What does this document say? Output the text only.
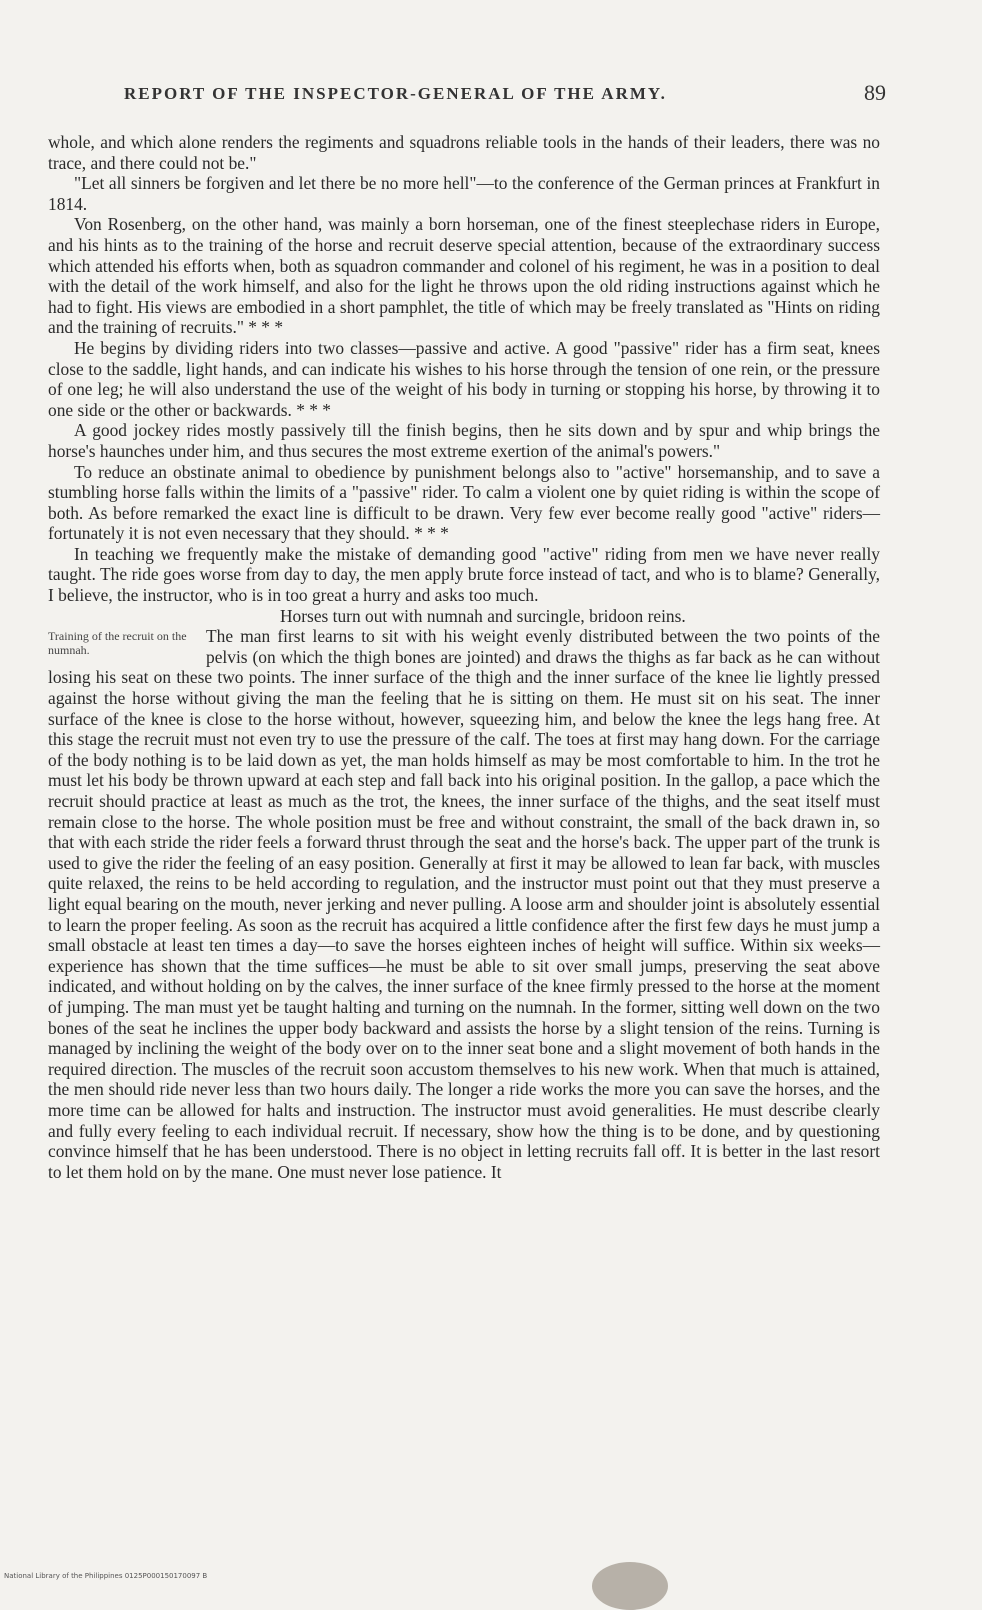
REPORT OF THE INSPECTOR-GENERAL OF THE ARMY.	89

whole, and which alone renders the regiments and squadrons reliable tools in the hands of their leaders, there was no trace, and there could not be."

"Let all sinners be forgiven and let there be no more hell"—to the conference of the German princes at Frankfurt in 1814.

Von Rosenberg, on the other hand, was mainly a born horseman, one of the finest steeplechase riders in Europe, and his hints as to the training of the horse and recruit deserve special attention, because of the extraordinary success which attended his efforts when, both as squadron commander and colonel of his regiment, he was in a position to deal with the detail of the work himself, and also for the light he throws upon the old riding instructions against which he had to fight. His views are embodied in a short pamphlet, the title of which may be freely translated as "Hints on riding and the training of recruits." * * *

He begins by dividing riders into two classes—passive and active. A good "passive" rider has a firm seat, knees close to the saddle, light hands, and can indicate his wishes to his horse through the tension of one rein, or the pressure of one leg; he will also understand the use of the weight of his body in turning or stopping his horse, by throwing it to one side or the other or backwards. * * *

A good jockey rides mostly passively till the finish begins, then he sits down and by spur and whip brings the horse's haunches under him, and thus secures the most extreme exertion of the animal's powers."

To reduce an obstinate animal to obedience by punishment belongs also to "active" horsemanship, and to save a stumbling horse falls within the limits of a "passive" rider. To calm a violent one by quiet riding is within the scope of both. As before remarked the exact line is difficult to be drawn. Very few ever become really good "active" riders—fortunately it is not even necessary that they should. * * *

In teaching we frequently make the mistake of demanding good "active" riding from men we have never really taught. The ride goes worse from day to day, the men apply brute force instead of tact, and who is to blame? Generally, I believe, the instructor, who is in too great a hurry and asks too much.

Horses turn out with numnah and surcingle, bridoon reins.

Training of the recruit on the numnah.

The man first learns to sit with his weight evenly distributed between the two points of the pelvis (on which the thigh bones are jointed) and draws the thighs as far back as he can without losing his seat on these two points. The inner surface of the thigh and the inner surface of the knee lie lightly pressed against the horse without giving the man the feeling that he is sitting on them. He must sit on his seat. The inner surface of the knee is close to the horse without, however, squeezing him, and below the knee the legs hang free. At this stage the recruit must not even try to use the pressure of the calf. The toes at first may hang down. For the carriage of the body nothing is to be laid down as yet, the man holds himself as may be most comfortable to him. In the trot he must let his body be thrown upward at each step and fall back into his original position. In the gallop, a pace which the recruit should practice at least as much as the trot, the knees, the inner surface of the thighs, and the seat itself must remain close to the horse. The whole position must be free and without constraint, the small of the back drawn in, so that with each stride the rider feels a forward thrust through the seat and the horse's back. The upper part of the trunk is used to give the rider the feeling of an easy position. Generally at first it may be allowed to lean far back, with muscles quite relaxed, the reins to be held according to regulation, and the instructor must point out that they must preserve a light equal bearing on the mouth, never jerking and never pulling. A loose arm and shoulder joint is absolutely essential to learn the proper feeling. As soon as the recruit has acquired a little confidence after the first few days he must jump a small obstacle at least ten times a day—to save the horses eighteen inches of height will suffice. Within six weeks—experience has shown that the time suffices—he must be able to sit over small jumps, preserving the seat above indicated, and without holding on by the calves, the inner surface of the knee firmly pressed to the horse at the moment of jumping. The man must yet be taught halting and turning on the numnah. In the former, sitting well down on the two bones of the seat he inclines the upper body backward and assists the horse by a slight tension of the reins. Turning is managed by inclining the weight of the body over on to the inner seat bone and a slight movement of both hands in the required direction. The muscles of the recruit soon accustom themselves to his new work. When that much is attained, the men should ride never less than two hours daily. The longer a ride works the more you can save the horses, and the more time can be allowed for halts and instruction. The instructor must avoid generalities. He must describe clearly and fully every feeling to each individual recruit. If necessary, show how the thing is to be done, and by questioning convince himself that he has been understood. There is no object in letting recruits fall off. It is better in the last resort to let them hold on by the mane. One must never lose patience. It

National Library of the Philippines 0125P000150170097 B
